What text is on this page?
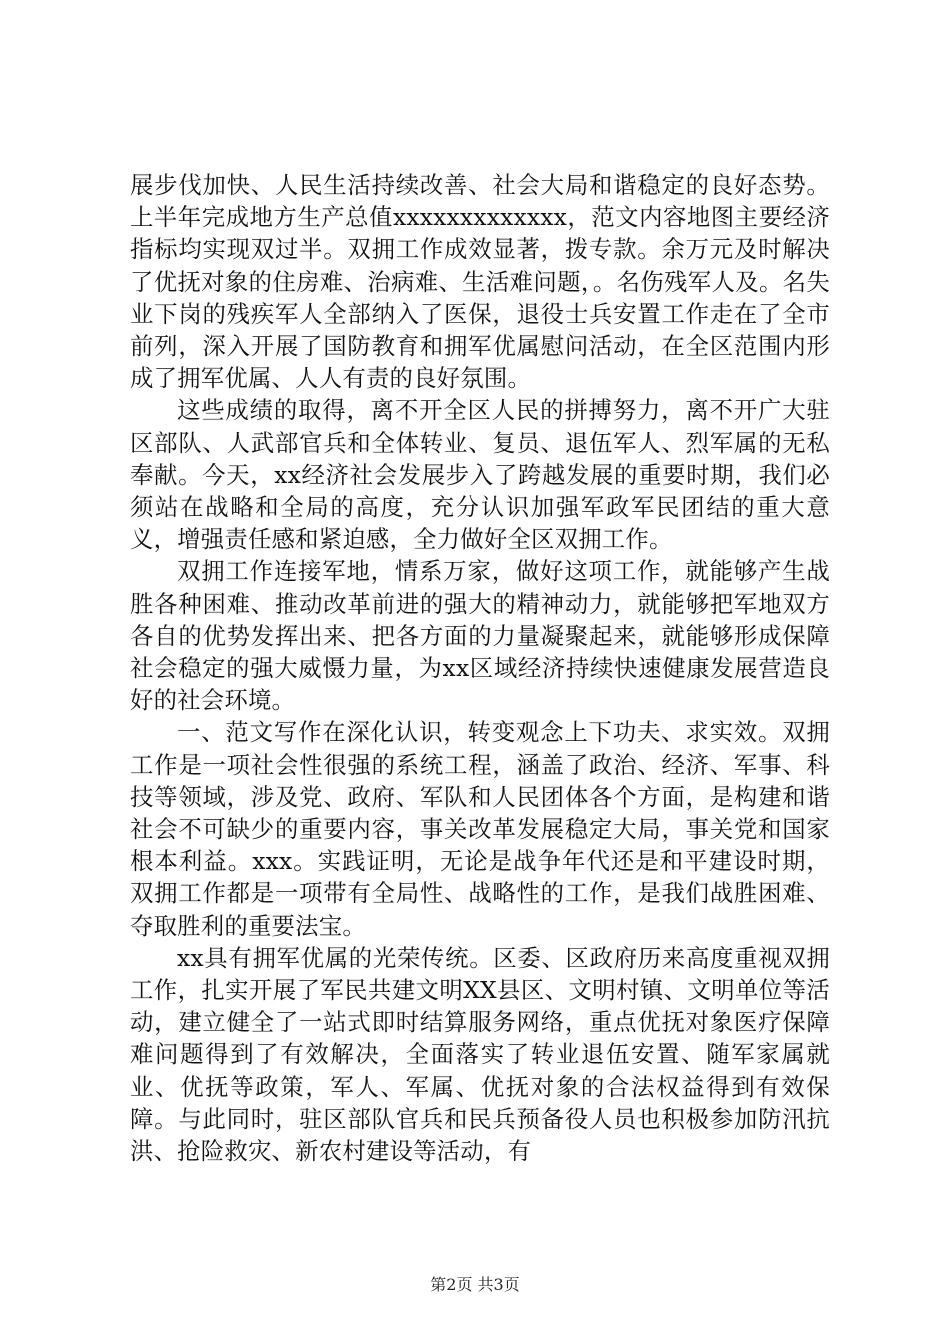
展步伐加快、人民生活持续改善、社会大局和谐稳定的良好态势。上半年完成地方生产总值xxxxxxxxxxxxx，范文内容地图主要经济指标均实现双过半。双拥工作成效显著，拨专款。余万元及时解决了优抚对象的住房难、治病难、生活难问题，。名伤残军人及。名失业下岗的残疾军人全部纳入了医保，退役士兵安置工作走在了全市前列，深入开展了国防教育和拥军优属慰问活动，在全区范围内形成了拥军优属、人人有责的良好氛围。

这些成绩的取得，离不开全区人民的拼搏努力，离不开广大驻区部队、人武部官兵和全体转业、复员、退伍军人、烈军属的无私奉献。今天，xx经济社会发展步入了跨越发展的重要时期，我们必须站在战略和全局的高度，充分认识加强军政军民团结的重大意义，增强责任感和紧迫感，全力做好全区双拥工作。

双拥工作连接军地，情系万家，做好这项工作，就能够产生战胜各种困难、推动改革前进的强大的精神动力，就能够把军地双方各自的优势发挥出来、把各方面的力量凝聚起来，就能够形成保障社会稳定的强大威慑力量，为xx区域经济持续快速健康发展营造良好的社会环境。

一、范文写作在深化认识，转变观念上下功夫、求实效。双拥工作是一项社会性很强的系统工程，涵盖了政治、经济、军事、科技等领域，涉及党、政府、军队和人民团体各个方面，是构建和谐社会不可缺少的重要内容，事关改革发展稳定大局，事关党和国家根本利益。xxx。实践证明，无论是战争年代还是和平建设时期，双拥工作都是一项带有全局性、战略性的工作，是我们战胜困难、夺取胜利的重要法宝。

xx具有拥军优属的光荣传统。区委、区政府历来高度重视双拥工作，扎实开展了军民共建文明XX县区、文明村镇、文明单位等活动，建立健全了一站式即时结算服务网络，重点优抚对象医疗保障难问题得到了有效解决，全面落实了转业退伍安置、随军家属就业、优抚等政策，军人、军属、优抚对象的合法权益得到有效保障。与此同时，驻区部队官兵和民兵预备役人员也积极参加防汛抗洪、抢险救灾、新农村建设等活动，有

第2页 共3页
